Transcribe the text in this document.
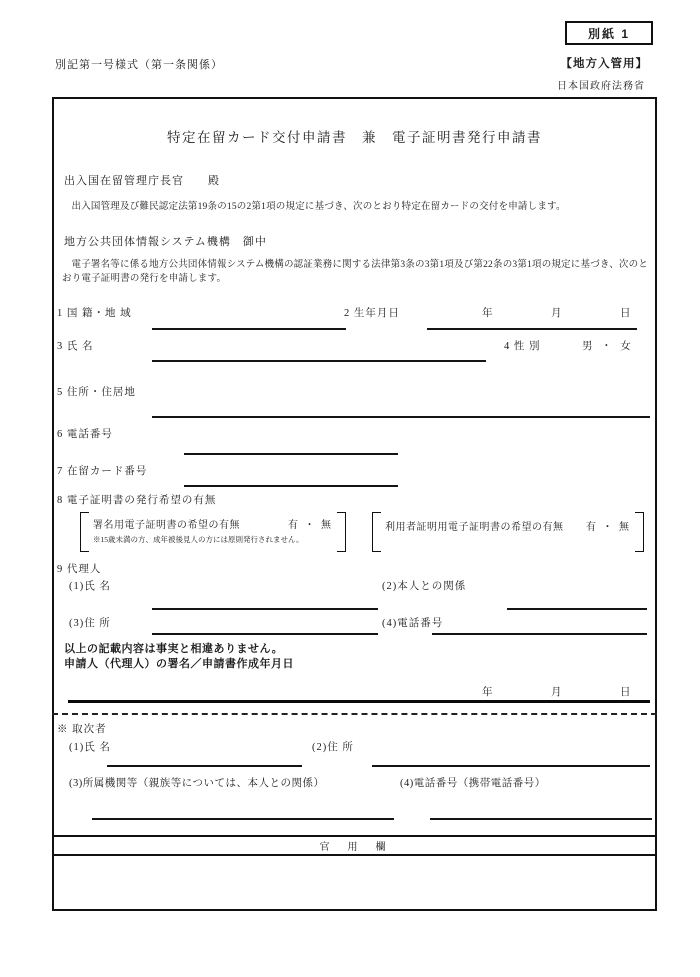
別紙 1
別記第一号様式（第一条関係）	【地方入管用】
日本国政府法務省
特定在留カード交付申請書　兼　電子証明書発行申請書
出入国在留管理庁長官　　殿
出入国管理及び難民認定法第19条の15の2第1項の規定に基づき、次のとおり特定在留カードの交付を申請します。
地方公共団体情報システム機構　御中
電子署名等に係る地方公共団体情報システム機構の認証業務に関する法律第3条の3第1項及び第22条の3第1項の規定に基づき、次のとおり電子証明書の発行を申請します。
1 国 籍・地 域	2 生年月日	年	月	日
3 氏 名	4 性 別	男 ・ 女
5 住所・住居地
6 電話番号
7 在留カード番号
8 電子証明書の発行希望の有無
署名用電子証明書の希望の有無	有 ・ 無
※15歳未満の方、成年被後見人の方には原則発行されません。
利用者証明用電子証明書の希望の有無 有 ・ 無
9 代理人
(1)氏 名	(2)本人との関係
(3)住 所	(4)電話番号
以上の記載内容は事実と相違ありません。
申請人（代理人）の署名／申請書作成年月日
年	月	日
※ 取次者
(1)氏 名	(2)住 所
(3)所属機関等（親族等については、本人との関係）	(4)電話番号（携帯電話番号）
官　用　欄
